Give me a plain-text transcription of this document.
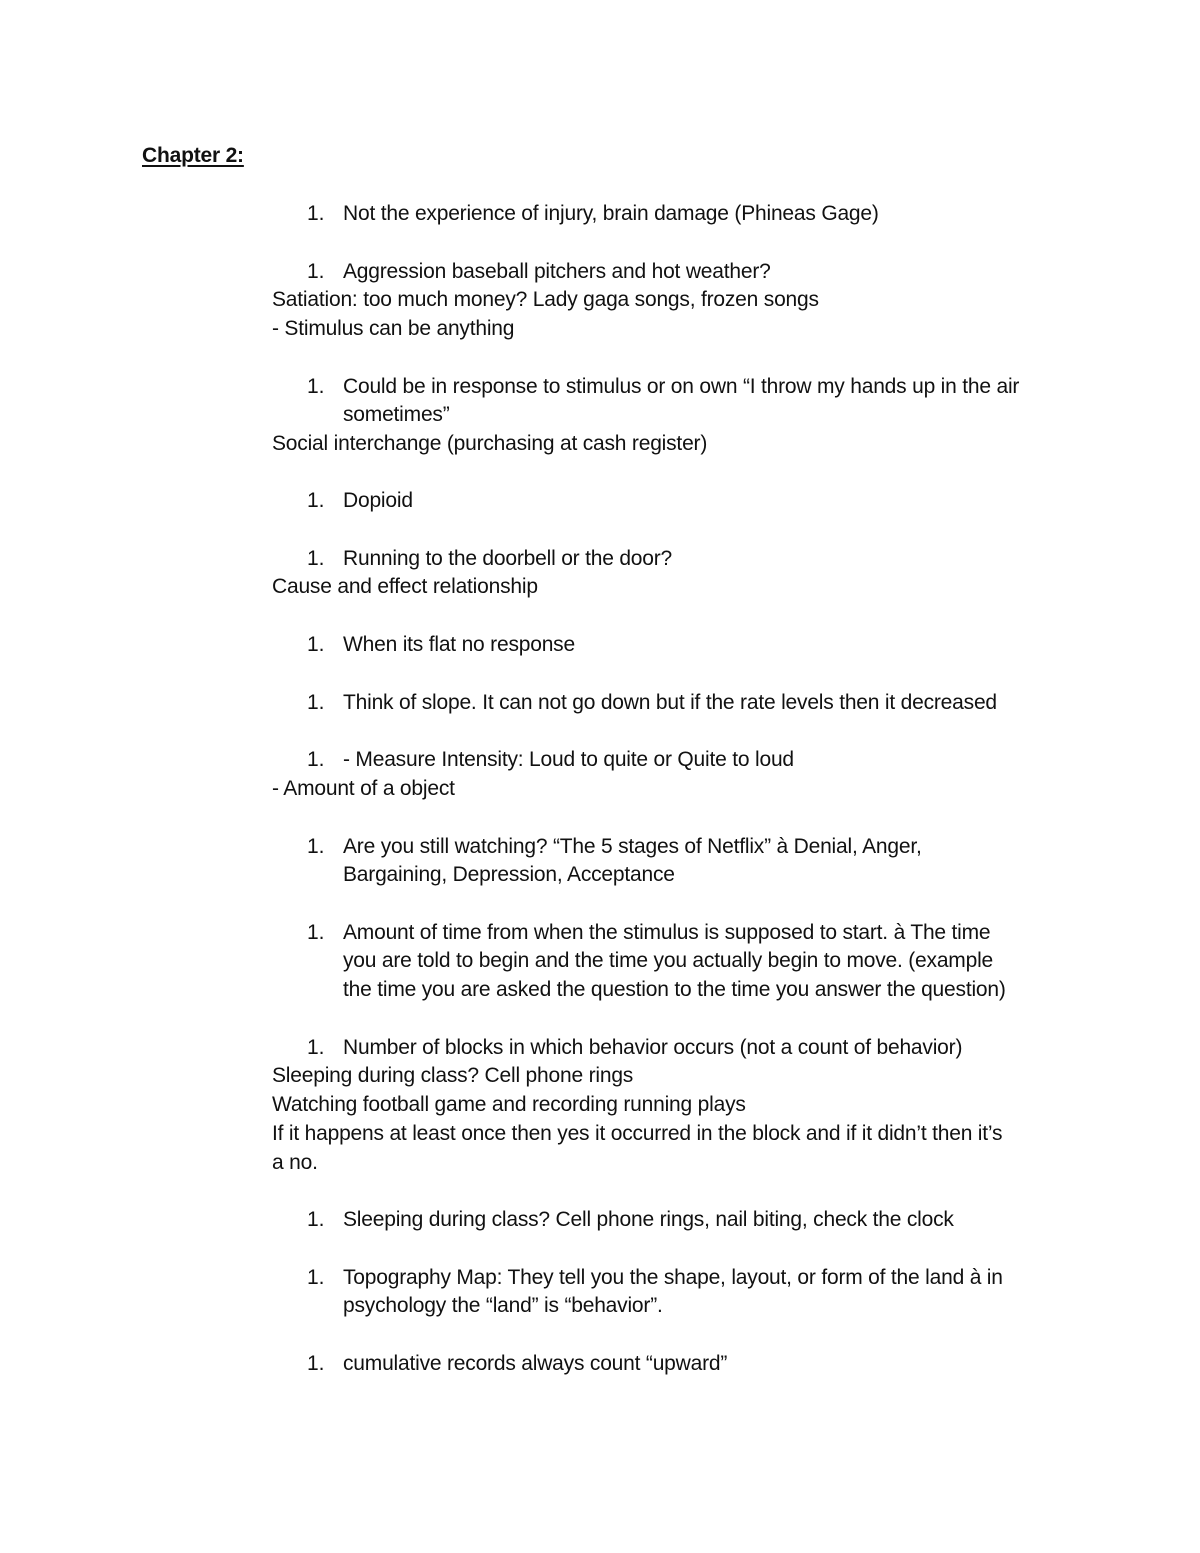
Chapter 2:
1. Not the experience of injury, brain damage (Phineas Gage)
1. Aggression baseball pitchers and hot weather?
Satiation: too much money? Lady gaga songs, frozen songs
- Stimulus can be anything
1. Could be in response to stimulus or on own “I throw my hands up in the air
sometimes”
Social interchange (purchasing at cash register)
1. Dopioid
1. Running to the doorbell or the door?
Cause and effect relationship
1. When its flat no response
1. Think of slope. It can not go down but if the rate levels then it decreased
1. - Measure Intensity: Loud to quite or Quite to loud
- Amount of a object
1. Are you still watching? “The 5 stages of Netflix” à Denial, Anger,
Bargaining, Depression, Acceptance
1. Amount of time from when the stimulus is supposed to start. à The time
you are told to begin and the time you actually begin to move. (example
the time you are asked the question to the time you answer the question)
1. Number of blocks in which behavior occurs (not a count of behavior)
Sleeping during class? Cell phone rings
Watching football game and recording running plays
If it happens at least once then yes it occurred in the block and if it didn’t then it’s
a no.
1. Sleeping during class? Cell phone rings, nail biting, check the clock
1. Topography Map: They tell you the shape, layout, or form of the land à in
psychology the “land” is “behavior”.
1. cumulative records always count “upward”
